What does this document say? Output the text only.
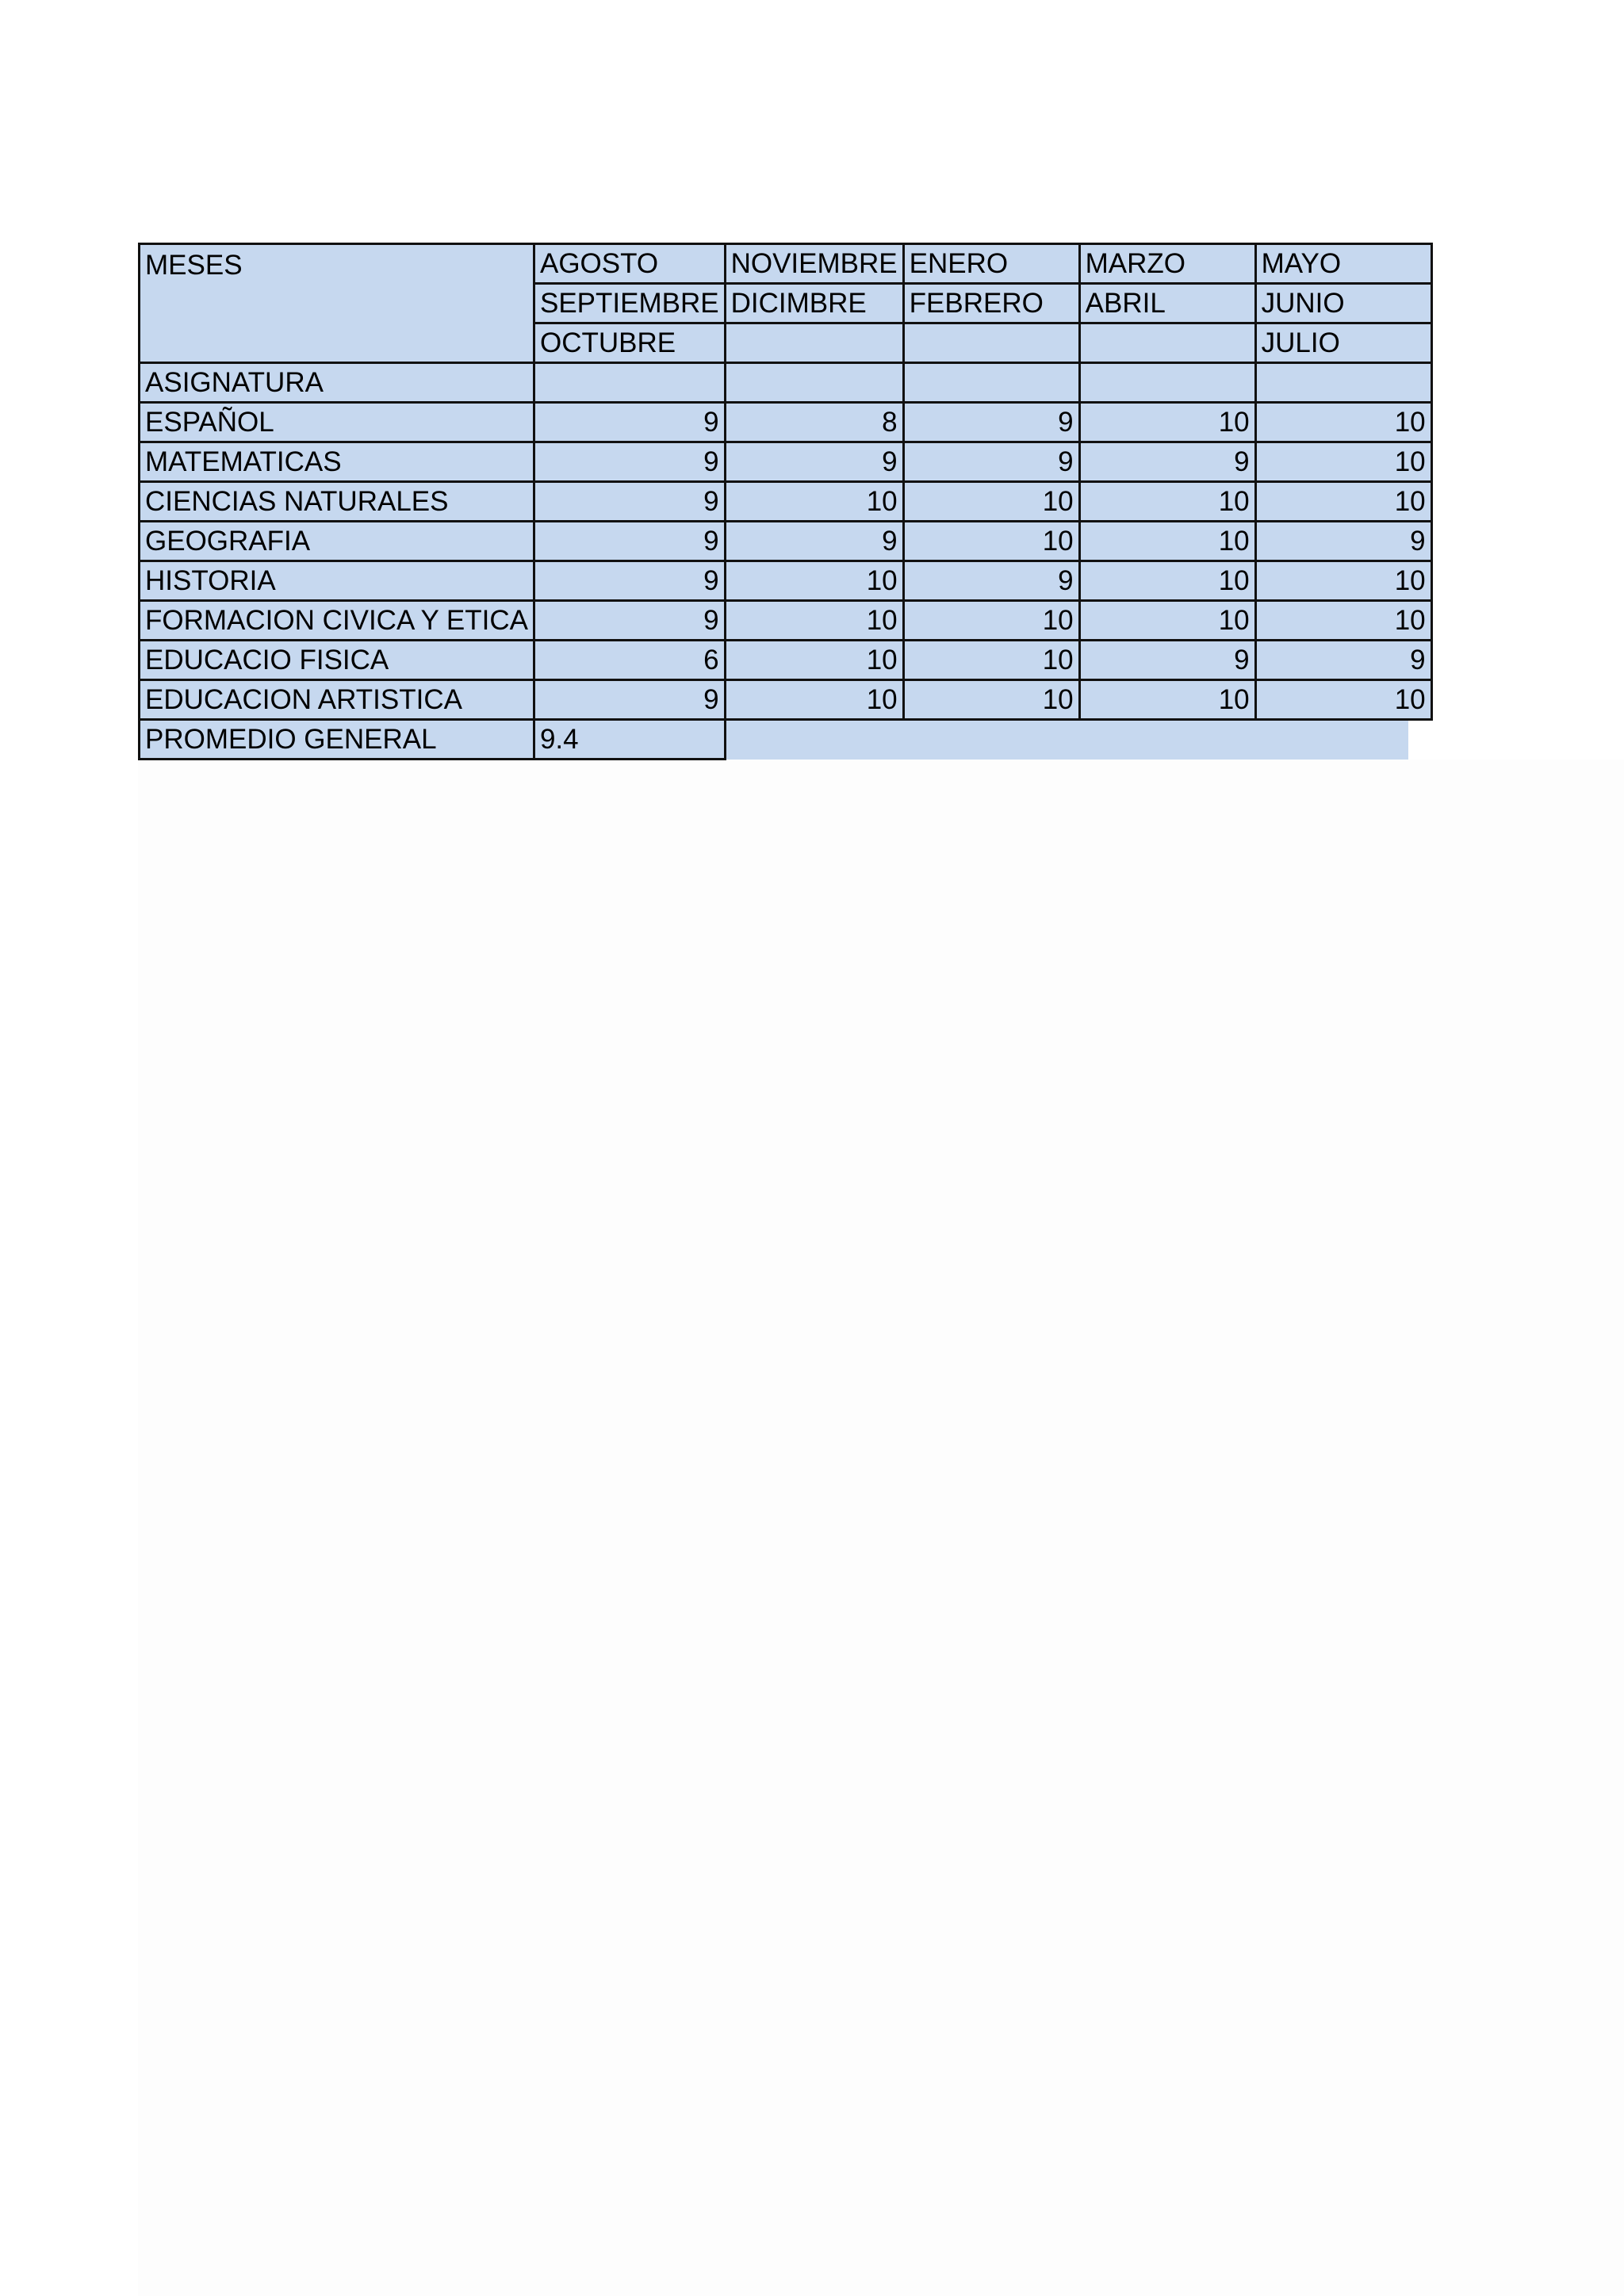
MESES	AGOSTO	NOVIEMBRE	ENERO	MARZO	MAYO
	SEPTIEMBRE	DICIMBRE	FEBRERO	ABRIL	JUNIO
	OCTUBRE				JULIO
ASIGNATURA					
ESPAÑOL	9	8	9	10	10
MATEMATICAS	9	9	9	9	10
CIENCIAS NATURALES	9	10	10	10	10
GEOGRAFIA	9	9	10	10	9
HISTORIA	9	10	9	10	10
FORMACION CIVICA Y ETICA	9	10	10	10	10
EDUCACIO FISICA	6	10	10	9	9
EDUCACION ARTISTICA	9	10	10	10	10
PROMEDIO GENERAL	9.4				
